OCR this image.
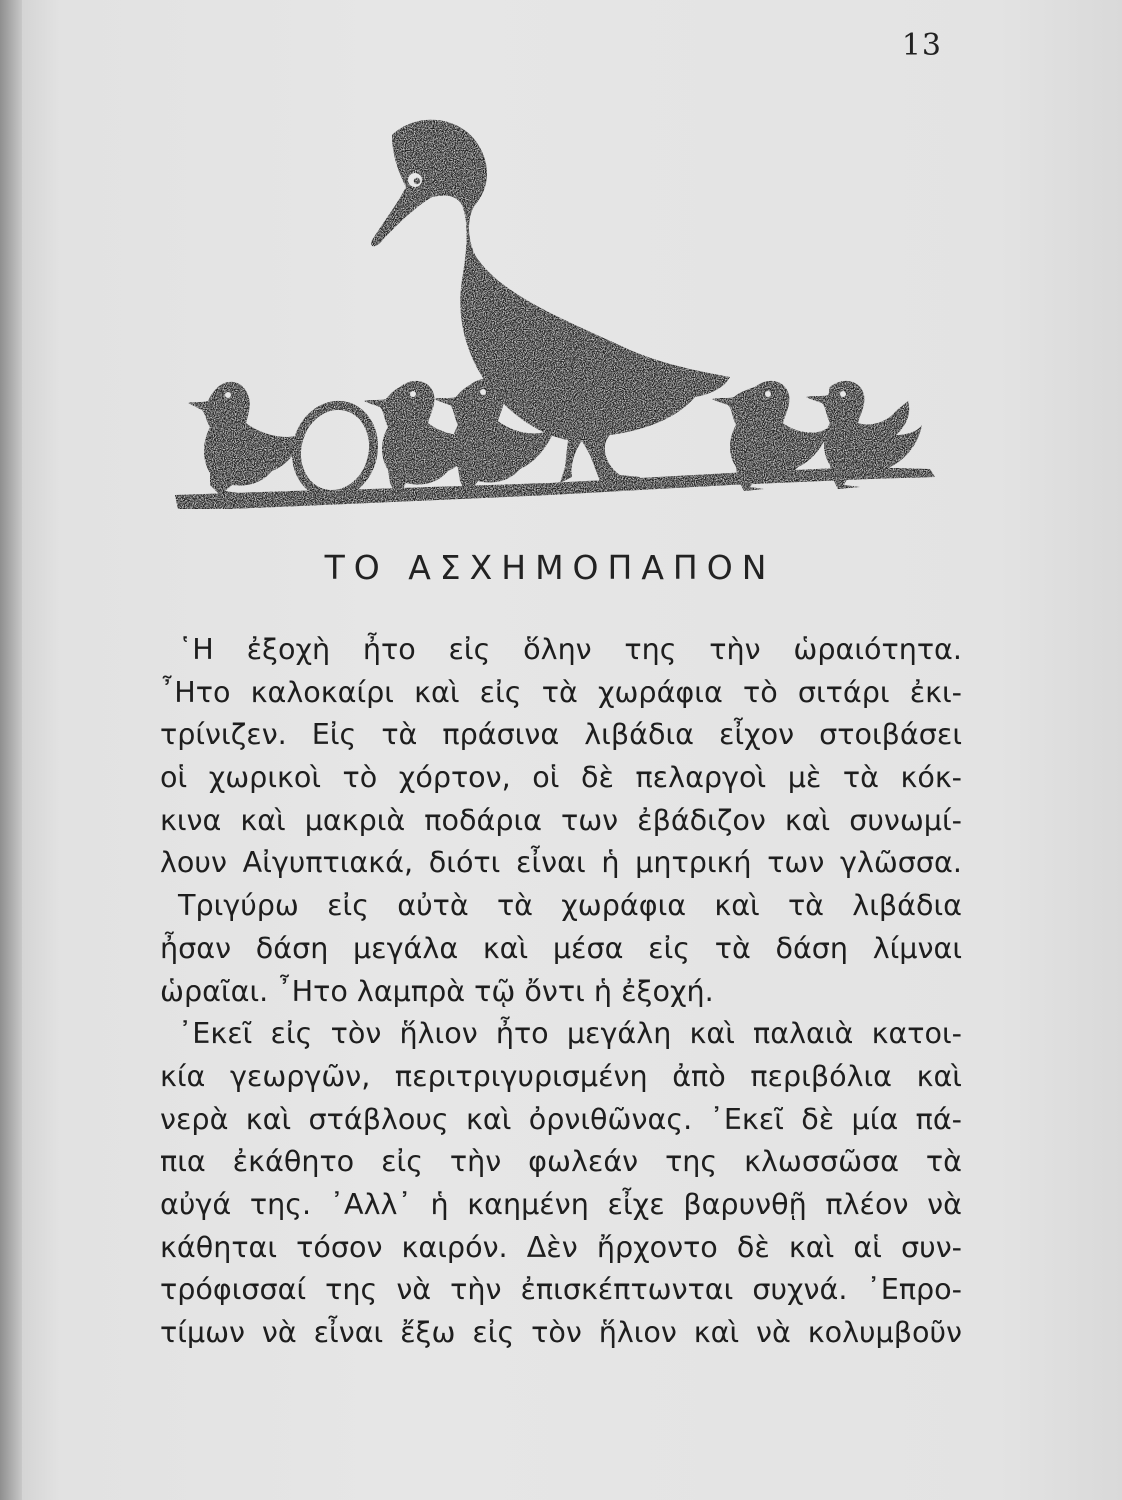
13
ΤΟ ΑΣΧΗΜΟΠΑΠΟΝ
῾Η ἐξοχὴ ἦτο εἰς ὅλην της τὴν ὡραιότητα.
῏Ητο καλοκαίρι καὶ εἰς τὰ χωράφια τὸ σιτάρι ἐκι-
τρίνιζεν. Εἰς τὰ πράσινα λιβάδια εἶχον στοιβάσει
οἱ χωρικοὶ τὸ χόρτον, οἱ δὲ πελαργοὶ μὲ τὰ κόκ-
κινα καὶ μακριὰ ποδάρια των ἐβάδιζον καὶ συνωμί-
λουν Αἰγυπτιακά, διότι εἶναι ἡ μητρική των γλῶσσα.
Τριγύρω εἰς αὐτὰ τὰ χωράφια καὶ τὰ λιβάδια
ἦσαν δάση μεγάλα καὶ μέσα εἰς τὰ δάση λίμναι
ὡραῖαι. ῏Ητο λαμπρὰ τῷ ὄντι ἡ ἐξοχή.
᾽Εκεῖ εἰς τὸν ἥλιον ἦτο μεγάλη καὶ παλαιὰ κατοι-
κία γεωργῶν, περιτριγυρισμένη ἀπὸ περιβόλια καὶ
νερὰ καὶ στάβλους καὶ ὀρνιθῶνας. ᾽Εκεῖ δὲ μία πά-
πια ἐκάθητο εἰς τὴν φωλεάν της κλωσσῶσα τὰ
αὐγά της. ᾽Αλλ᾽ ἡ καημένη εἶχε βαρυνθῇ πλέον νὰ
κάθηται τόσον καιρόν. Δὲν ἤρχοντο δὲ καὶ αἱ συν-
τρόφισσαί της νὰ τὴν ἐπισκέπτωνται συχνά. ᾽Επρο-
τίμων νὰ εἶναι ἔξω εἰς τὸν ἥλιον καὶ νὰ κολυμβοῦν
